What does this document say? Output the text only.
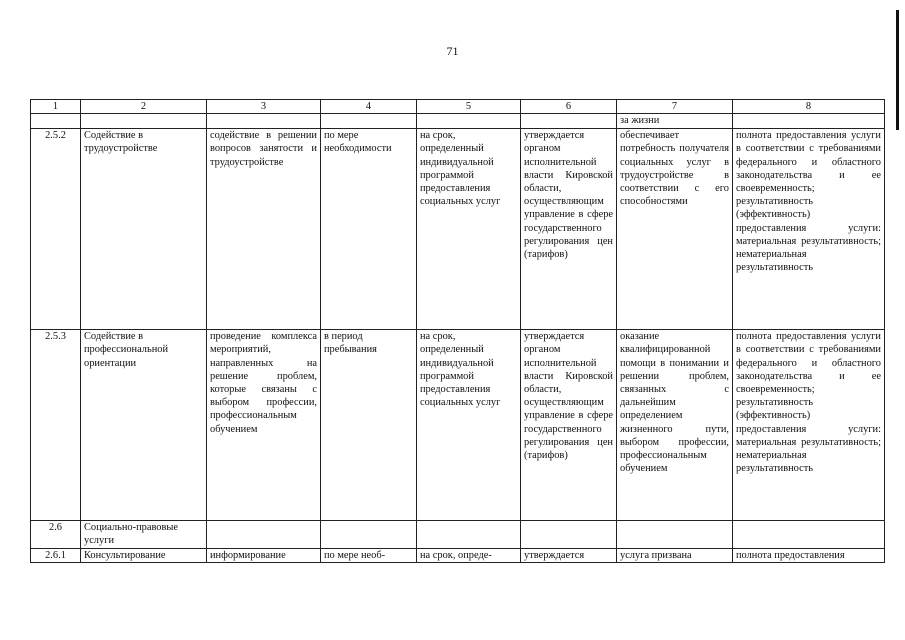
71
1	2	3	4	5	6	7	8
						за жизни	
2.5.2	Содействие в трудоустройстве	содействие в решении вопросов занятости и трудоустройстве	по мере необходимости	на срок, определенный индивидуальной программой предоставления социальных услуг	утверждается органом исполнительной власти Кировской области, осуществляющим управление в сфере государственного регулирования цен (тарифов)	обеспечивает потребность получателя социальных услуг в трудоустройстве в соответствии с его способностями	полнота предоставления услуги в соответствии с требованиями федерального и областного законодательства и ее своевременность; результативность (эффективность) предоставления услуги: материальная результативность; нематериальная результативность
2.5.3	Содействие в профессиональной ориентации	проведение комплекса мероприятий, направленных на решение проблем, которые связаны с выбором профессии, профессиональным обучением	в период пребывания	на срок, определенный индивидуальной программой предоставления социальных услуг	утверждается органом исполнительной власти Кировской области, осуществляющим управление в сфере государственного регулирования цен (тарифов)	оказание квалифицированной помощи в понимании и решении проблем, связанных с дальнейшим определением жизненного пути, выбором профессии, профессиональным обучением	полнота предоставления услуги в соответствии с требованиями федерального и областного законодательства и ее своевременность; результативность (эффективность) предоставления услуги: материальная результативность; нематериальная результативность
2.6	Социально-правовые услуги						
2.6.1	Консультирование	информирование	по мере необ-	на срок, опреде-	утверждается	услуга призвана	полнота предоставления
